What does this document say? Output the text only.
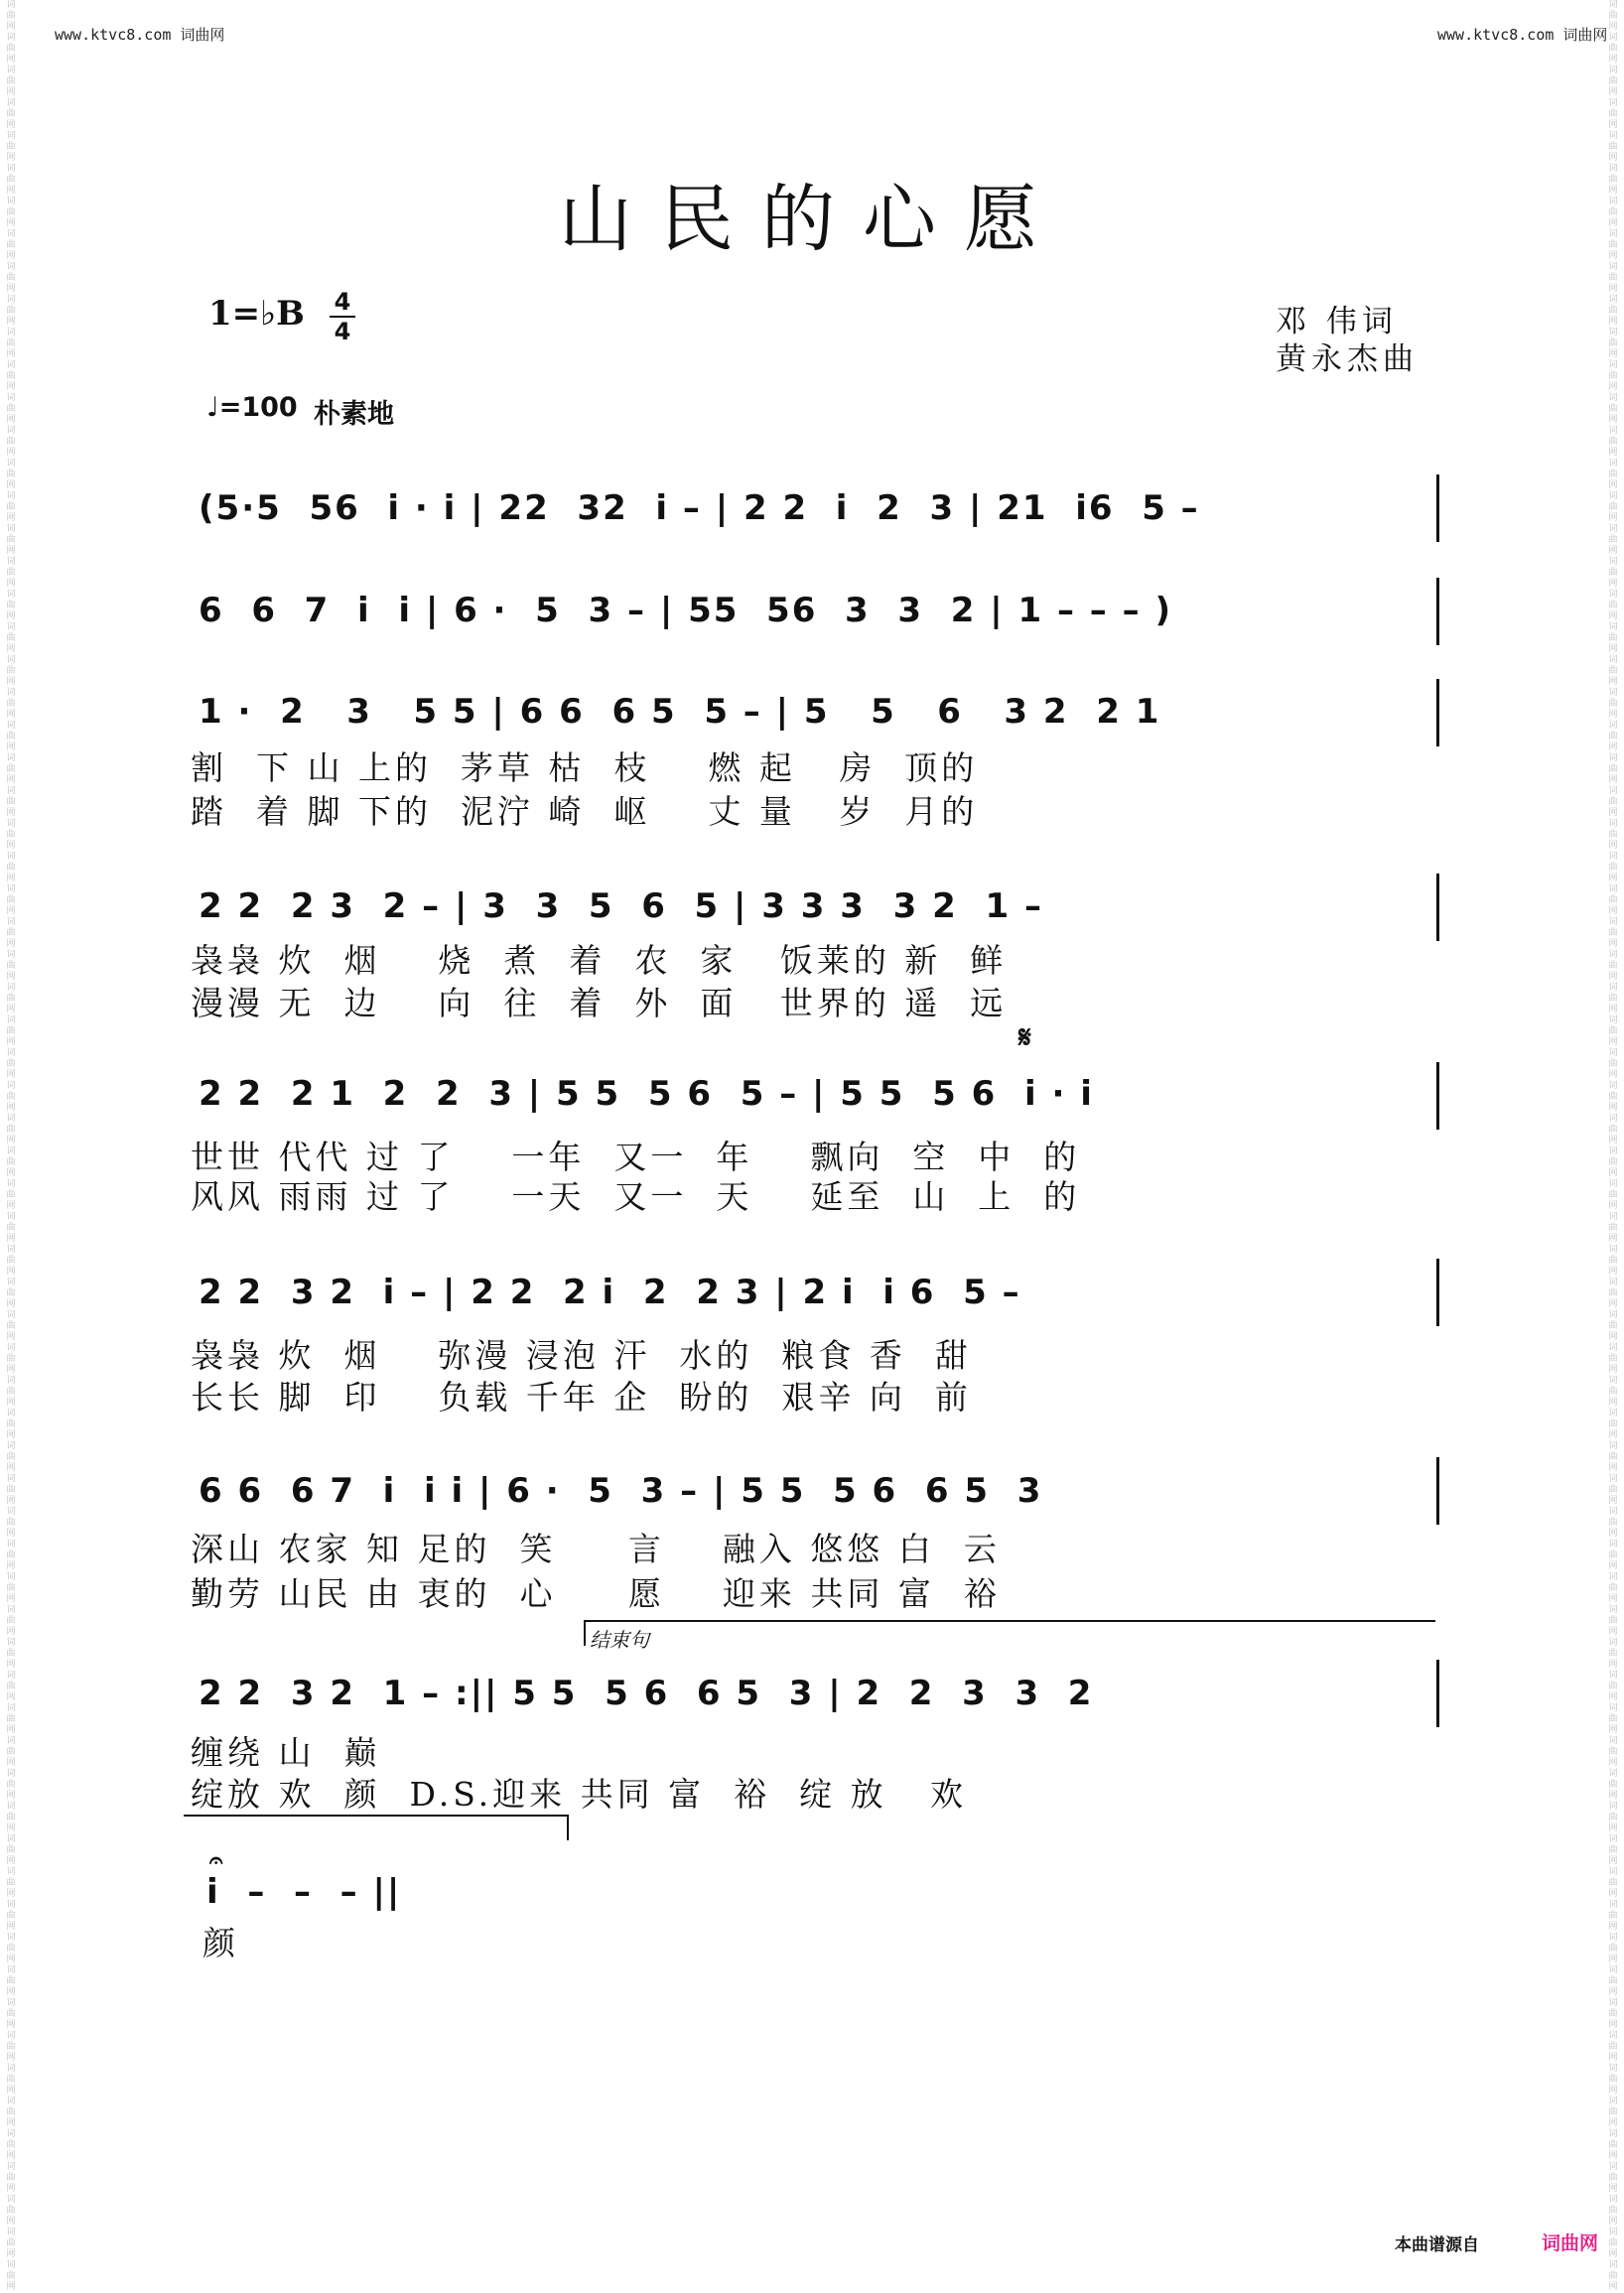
词
曲
网
词
曲
网
词
曲
网
词
曲
网
词
曲
网
词
曲
网
词
曲
网
词
曲
网
词
曲
网
词
曲
网
词
曲
网
词
曲
网
词
曲
网
词
曲
网
词
曲
网
词
曲
网
词
曲
网
词
曲
网
词
曲
网
词
曲
网
词
曲
网
词
曲
网
词
曲
网
词
曲
网
词
曲
网
词
曲
网
词
曲
网
词
曲
网
词
曲
网
词
曲
网
词
曲
网
词
曲
网
词
曲
网
词
曲
网
词
曲
网
词
曲
网
词
曲
网
词
曲
网
词
曲
网
词
曲
网
词
曲
网
词
曲
网
词
曲
网
词
曲
网
词
曲
网
词
曲
网
词
曲
网
词
曲
网
词
曲
网
词
曲
网
词
曲
网
词
曲
网
词
曲
网
词
曲
网
词
曲
网
词
曲
网
词
曲
网
词
曲
网
词
曲
网
词
曲
网
词
曲
网
词
曲
网
词
曲
网
词
曲
网
词
曲
网
词
曲
网
词
曲
网
词
曲
网
词
曲
网
词
曲
网
词
曲
网
词
曲
网
词
曲
网
词
曲
网
词
曲
网
词
曲
网
词
曲
网
词
曲
网
词
曲
网
词
曲
网
词
曲
网
词
曲
网
词
曲
网
词
曲
网
词
曲
网
词
曲
网
词
曲
网
词
曲
网
词
曲
网
词
曲
网
词
曲
网
词
曲
网
词
曲
网
词
曲
网
词
曲
网
词
曲
网
词
曲
网
词
曲
网
词
曲
网
词
曲
网
词
曲
网
词
曲
网
词
曲
网
词
曲
网
词
曲
网
词
曲
网
词
曲
网
词
曲
网
词
曲
网
词
曲
网
词
曲
网
词
曲
网
词
曲
网
词
曲
网
词
曲
网
词
曲
网
词
曲
网
词
曲
网
词
曲
网
词
曲
网
词
曲
网
词
曲
网
词
曲
网
词
曲
网
词
曲
网
词
曲
网
词
曲
网
词
曲
网
词
曲
网
词
曲
网
词
曲
网
词
曲
网
词
曲
网
词
曲
网
词
曲
网
词
曲
网
词
曲
网
词
曲
网
词
曲
网
词
曲
网
www.ktvc8.com 词曲网	www.ktvc8.com 词曲网
山民的心愿
1=♭B 4
4	邓 伟词
黄永杰曲
♩=100 朴素地
(5·5  56  i · i | 22  32  i – | 2 2  i  2  3 | 21  i6  5 –
6  6  7  i  i | 6 ·  5  3 – | 55  56  3  3  2 | 1 – – – )
1 ·  2   3   5 5 | 6 6  6 5  5 – | 5   5   6   3 2  2 1
割  下 山 上的  茅草 枯  枝    燃 起   房  顶的
踏  着 脚 下的  泥泞 崎  岖    丈 量   岁  月的
2 2  2 3  2 – | 3  3  5  6  5 | 3 3 3  3 2  1 –
袅袅 炊  烟    烧  煮  着  农  家   饭莱的 新  鲜
漫漫 无  边    向  往  着  外  面   世界的 遥  远
𝄋
2 2  2 1  2  2  3 | 5 5  5 6  5 – | 5 5  5 6  i · i
世世 代代 过 了    一年  又一  年    飘向  空  中  的
风风 雨雨 过 了    一天  又一  天    延至  山  上  的
2 2  3 2  i – | 2 2  2 i  2  2 3 | 2 i  i 6  5 –
袅袅 炊  烟    弥漫 浸泡 汗  水的  粮食 香  甜
长长 脚  印    负载 千年 企  盼的  艰辛 向  前
6 6  6 7  i  i i | 6 ·  5  3 – | 5 5  5 6  6 5  3
深山 农家 知 足的  笑     言    融入 悠悠 白  云
勤劳 山民 由 衷的  心     愿    迎来 共同 富  裕
结束句
2 2  3 2  1 – :|| 5 5  5 6  6 5  3 | 2  2  3  3  2
缠绕 山  巅
绽放 欢  颜  D.S.迎来 共同 富  裕  绽 放   欢
𝄐
i  –  –  – ||
颜
本曲谱源自	词曲网
